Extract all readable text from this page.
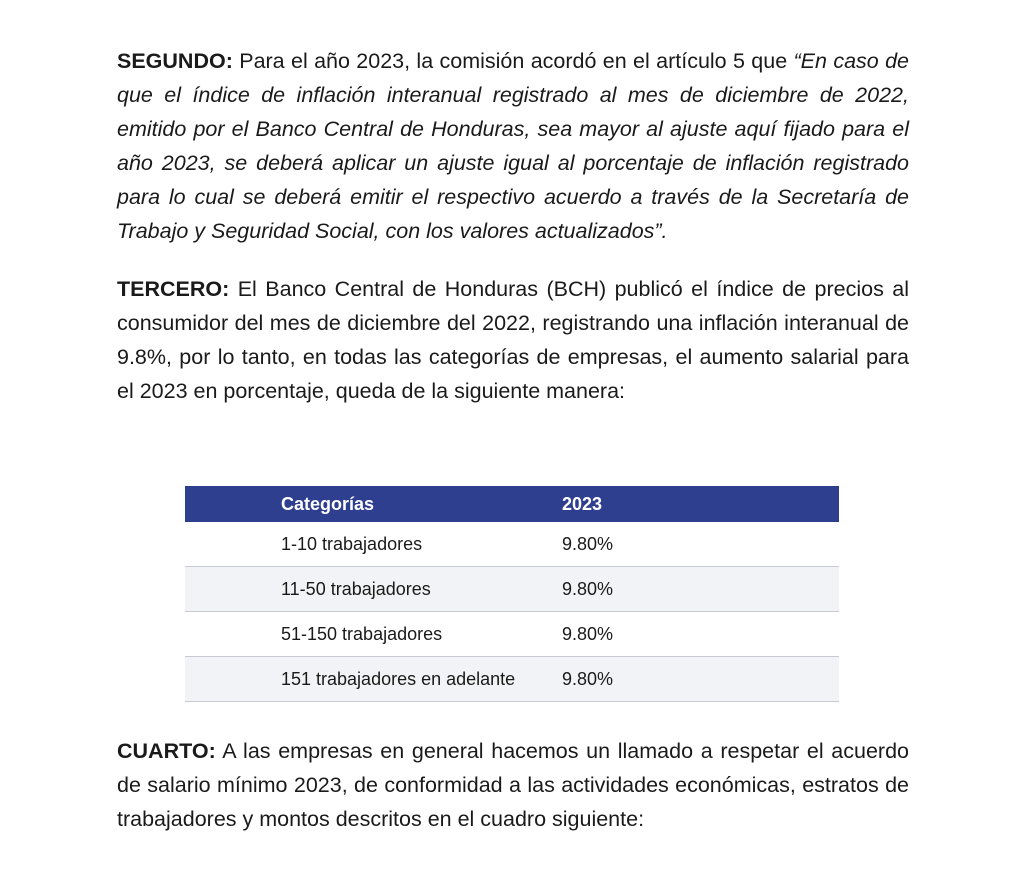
SEGUNDO: Para el año 2023, la comisión acordó en el artículo 5 que “En caso de que el índice de inflación interanual registrado al mes de diciembre de 2022, emitido por el Banco Central de Honduras, sea mayor al ajuste aquí fijado para el año 2023, se deberá aplicar un ajuste igual al porcentaje de inflación registrado para lo cual se deberá emitir el respectivo acuerdo a través de la Secretaría de Trabajo y Seguridad Social, con los valores actualizados”.

TERCERO: El Banco Central de Honduras (BCH) publicó el índice de precios al consumidor del mes de diciembre del 2022, registrando una inflación interanual de 9.8%, por lo tanto, en todas las categorías de empresas, el aumento salarial para el 2023 en porcentaje, queda de la siguiente manera:

Categorías	2023
1-10 trabajadores	9.80%
11-50 trabajadores	9.80%
51-150 trabajadores	9.80%
151 trabajadores en adelante	9.80%

CUARTO: A las empresas en general hacemos un llamado a respetar el acuerdo de salario mínimo 2023, de conformidad a las actividades económicas, estratos de trabajadores y montos descritos en el cuadro siguiente:
